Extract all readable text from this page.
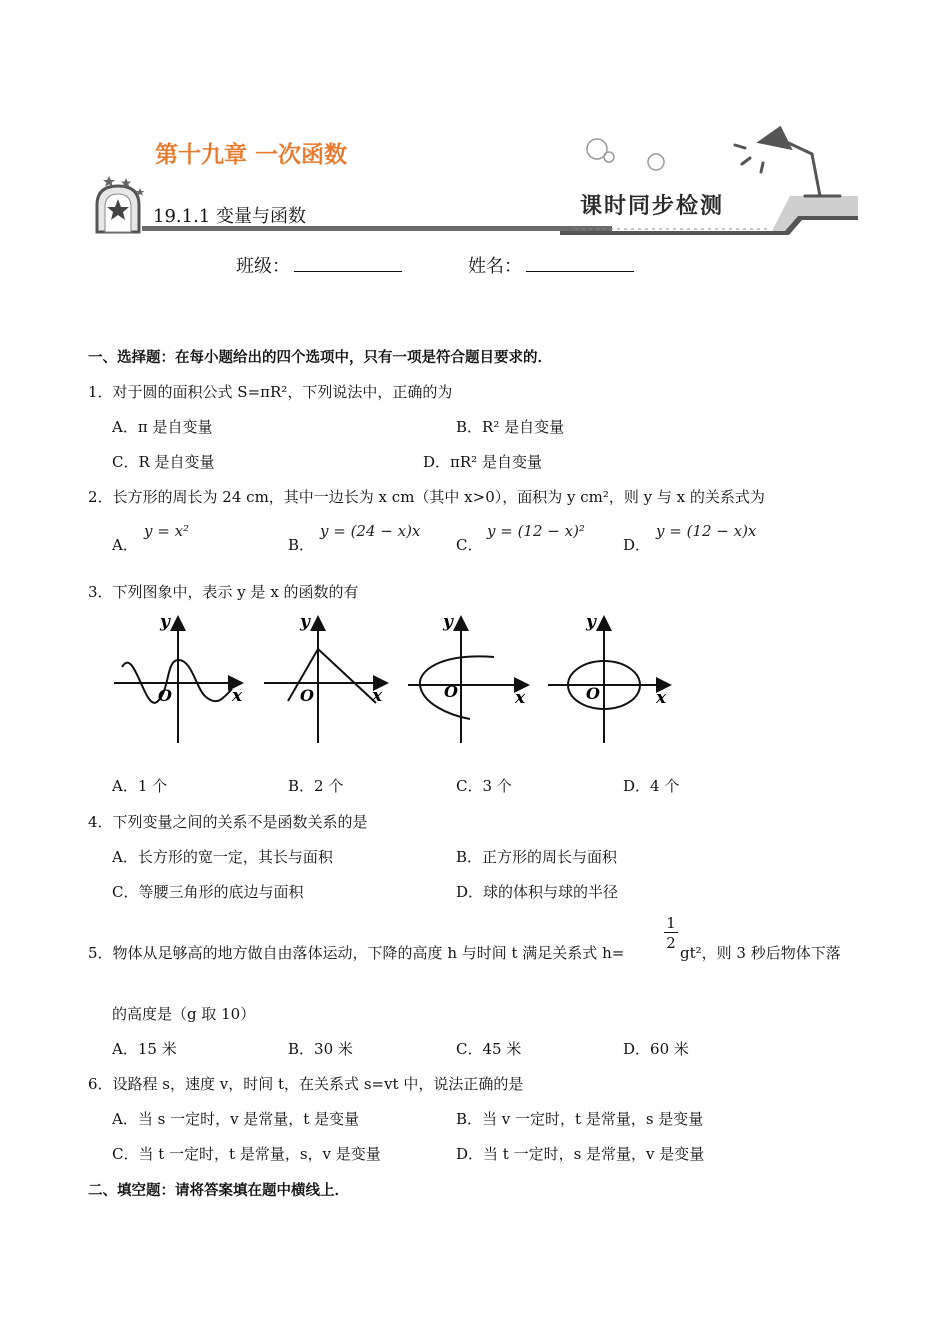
第十九章 一次函数
19.1.1 变量与函数	课时同步检测
班级：	姓名：
一、选择题：在每小题给出的四个选项中，只有一项是符合题目要求的．
1．对于圆的面积公式 S=πR²，下列说法中，正确的为
A．π 是自变量	B．R² 是自变量
C．R 是自变量	D．πR² 是自变量
2．长方形的周长为 24 cm，其中一边长为 x cm（其中 x>0），面积为 y cm²，则 y 与 x 的关系式为
A．
y = x²
B．
y = (24 − x)x
C．
y = (12 − x)²
D．
y = (12 − x)x
3．下列图象中，表示 y 是 x 的函数的有
y
x
O
y
x
O
y
x
O
y
x
O
A．1 个	B．2 个	C．3 个	D．4 个
4．下列变量之间的关系不是函数关系的是
A．长方形的宽一定，其长与面积	B．正方形的周长与面积
C．等腰三角形的底边与面积	D．球的体积与球的半径
5．物体从足够高的地方做自由落体运动，下降的高度 h 与时间 t 满足关系式 h=	$\frac{1}{2} gt^2$，则 3 秒后物体下落
的高度是（g 取 10）
A．15 米	B．30 米	C．45 米	D．60 米
6．设路程 s，速度 v，时间 t，在关系式 s=vt 中，说法正确的是
A．当 s 一定时，v 是常量，t 是变量	B．当 v 一定时，t 是常量，s 是变量
C．当 t 一定时，t 是常量，s，v 是变量	D．当 t 一定时，s 是常量，v 是变量
二、填空题：请将答案填在题中横线上．
